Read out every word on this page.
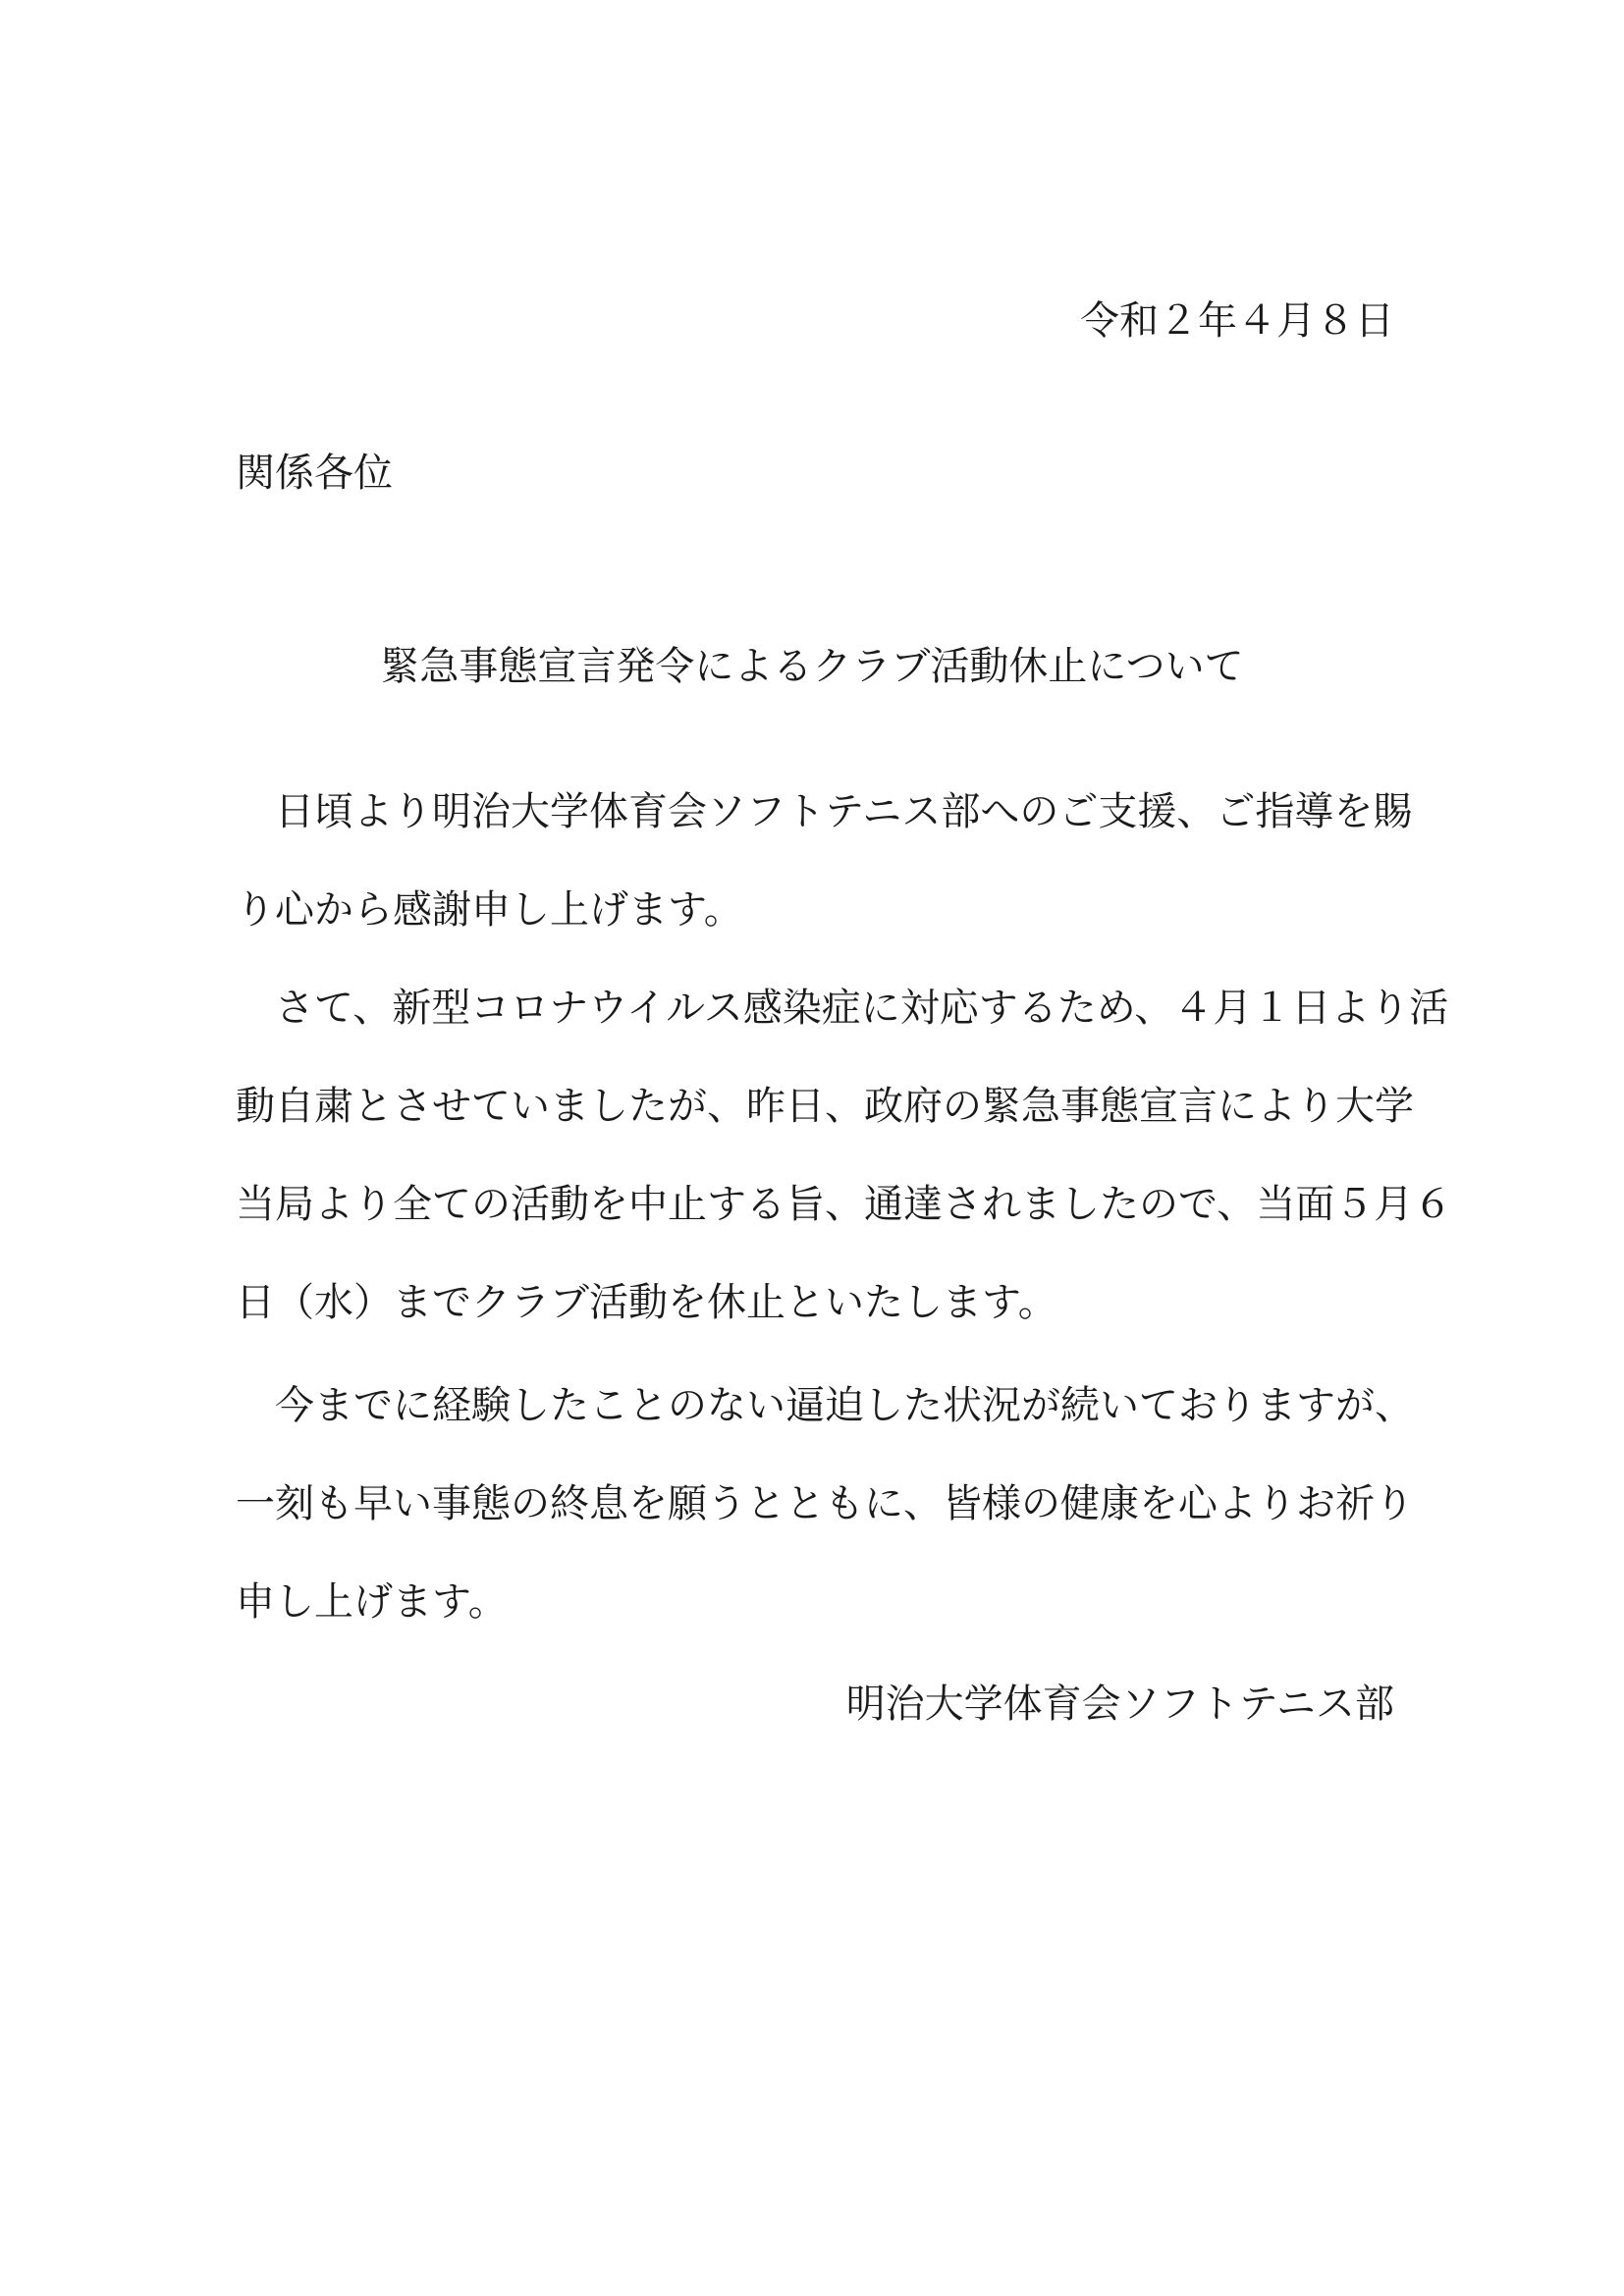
令和２年４月８日

関係各位

緊急事態宣言発令によるクラブ活動休止について

日頃より明治大学体育会ソフトテニス部へのご支援、ご指導を賜

り心から感謝申し上げます。

さて、新型コロナウイルス感染症に対応するため、４月１日より活

動自粛とさせていましたが、昨日、政府の緊急事態宣言により大学

当局より全ての活動を中止する旨、通達されましたので、当面５月６

日（水）までクラブ活動を休止といたします。

今までに経験したことのない逼迫した状況が続いておりますが、

一刻も早い事態の終息を願うとともに、皆様の健康を心よりお祈り

申し上げます。

明治大学体育会ソフトテニス部
